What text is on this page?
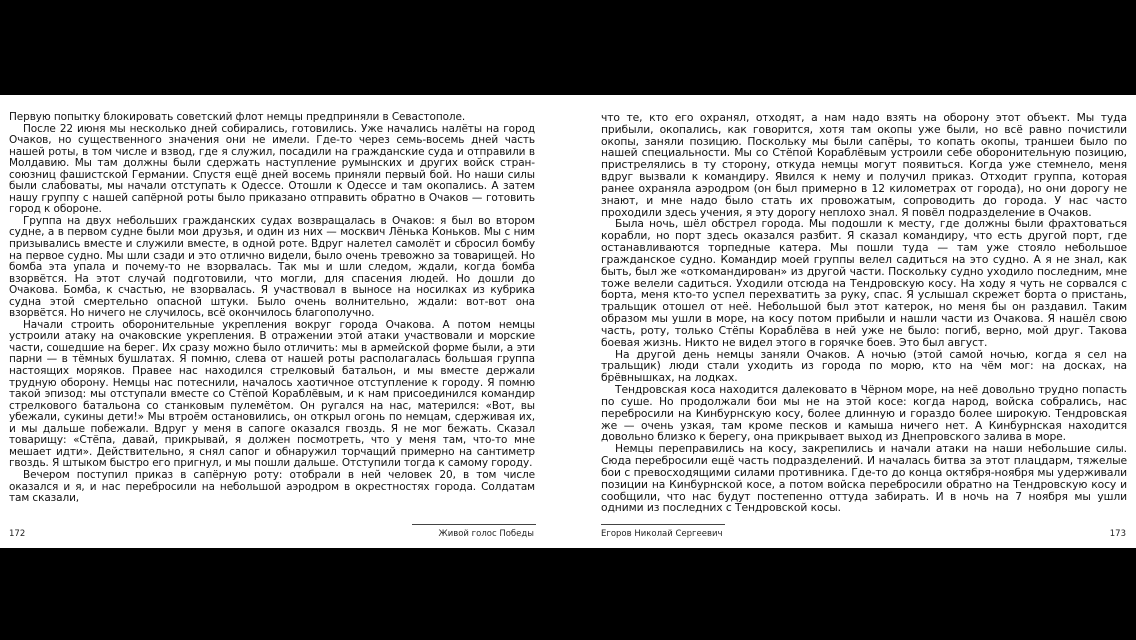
Первую попытку блокировать советский флот немцы предприняли в Севастополе.

После 22 июня мы несколько дней собирались, готовились. Уже начались налёты на город Очаков, но существенного значения они не имели. Где-то через семь-восемь дней часть нашей роты, в том числе и взвод, где я служил, посадили на гражданские суда и отправили в Молдавию. Мы там должны были сдержать наступление румынских и других войск стран-союзниц фашистской Германии. Спустя ещё дней восемь приняли первый бой. Но наши силы были слабоваты, мы начали отступать к Одессе. Отошли к Одессе и там окопались. А затем нашу группу с нашей сапёрной роты было приказано отправить обратно в Очаков — готовить город к обороне.

Группа на двух небольших гражданских судах возвращалась в Очаков: я был во втором судне, а в первом судне были мои друзья, и один из них — москвич Лёнька Коньков. Мы с ним призывались вместе и служили вместе, в одной роте. Вдруг налетел самолёт и сбросил бомбу на первое судно. Мы шли сзади и это отлично видели, было очень тревожно за товарищей. Но бомба эта упала и почему-то не взорвалась. Так мы и шли следом, ждали, когда бомба взорвётся. На этот случай подготовили, что могли, для спасения людей. Но дошли до Очакова. Бомба, к счастью, не взорвалась. Я участвовал в выносе на носилках из кубрика судна этой смертельно опасной штуки. Было очень волнительно, ждали: вот-вот она взорвётся. Но ничего не случилось, всё окончилось благополучно.

Начали строить оборонительные укрепления вокруг города Очакова. А потом немцы устроили атаку на очаковские укрепления. В отражении этой атаки участвовали и морские части, сошедшие на берег. Их сразу можно было отличить: мы в армейской форме были, а эти парни — в тёмных бушлатах. Я помню, слева от нашей роты располагалась большая группа настоящих моряков. Правее нас находился стрелковый батальон, и мы вместе держали трудную оборону. Немцы нас потеснили, началось хаотичное отступление к городу. Я помню такой эпизод: мы отступали вместе со Стёпой Кораблёвым, и к нам присоединился командир стрелкового батальона со станковым пулемётом. Он ругался на нас, матерился: «Вот, вы убежали, сукины дети!» Мы втроём остановились, он открыл огонь по немцам, сдерживая их, и мы дальше побежали. Вдруг у меня в сапоге оказался гвоздь. Я не мог бежать. Сказал товарищу: «Стёпа, давай, прикрывай, я должен посмотреть, что у меня там, что-то мне мешает идти». Действительно, я снял сапог и обнаружил торчащий примерно на сантиметр гвоздь. Я штыком быстро его пригнул, и мы пошли дальше. Отступили тогда к самому городу.

Вечером поступил приказ в сапёрную роту: отобрали в ней человек 20, в том числе оказался и я, и нас перебросили на небольшой аэродром в окрестностях города. Солдатам там сказали,

что те, кто его охранял, отходят, а нам надо взять на оборону этот объект. Мы туда прибыли, окопались, как говорится, хотя там окопы уже были, но всё равно почистили окопы, заняли позицию. Поскольку мы были сапёры, то копать окопы, траншеи было по нашей специальности. Мы со Стёпой Кораблёвым устроили себе оборонительную позицию, пристрелялись в ту сторону, откуда немцы могут появиться. Когда уже стемнело, меня вдруг вызвали к командиру. Явился к нему и получил приказ. Отходит группа, которая ранее охраняла аэродром (он был примерно в 12 километрах от города), но они дорогу не знают, и мне надо было стать их провожатым, сопроводить до города. У нас часто проходили здесь учения, я эту дорогу неплохо знал. Я повёл подразделение в Очаков.

Была ночь, шёл обстрел города. Мы подошли к месту, где должны были фрахтоваться корабли, но порт здесь оказался разбит. Я сказал командиру, что есть другой порт, где останавливаются торпедные катера. Мы пошли туда — там уже стояло небольшое гражданское судно. Командир моей группы велел садиться на это судно. А я не знал, как быть, был же «откомандирован» из другой части. Поскольку судно уходило последним, мне тоже велели садиться. Уходили отсюда на Тендровскую косу. На ходу я чуть не сорвался с борта, меня кто-то успел перехватить за руку, спас. Я услышал скрежет борта о пристань, тральщик отошел от неё. Небольшой был этот катерок, но меня бы он раздавил. Таким образом мы ушли в море, на косу потом прибыли и нашли части из Очакова. Я нашёл свою часть, роту, только Стёпы Кораблёва в ней уже не было: погиб, верно, мой друг. Такова боевая жизнь. Никто не видел этого в горячке боев. Это был август.

На другой день немцы заняли Очаков. А ночью (этой самой ночью, когда я сел на тральщик) люди стали уходить из города по морю, кто на чём мог: на досках, на брёвнышках, на лодках.

Тендровская коса находится далековато в Чёрном море, на неё довольно трудно попасть по суше. Но продолжали бои мы не на этой косе: когда народ, войска собрались, нас переброcили на Кинбурнскую косу, более длинную и гораздо более широкую. Тендровская же — очень узкая, там кроме песков и камыша ничего нет. А Кинбурнская находится довольно близко к берегу, она прикрывает выход из Днепровского залива в море.

Немцы переправились на косу, закрепились и начали атаки на наши небольшие силы. Сюда перебросили ещё часть подразделений. И началась битва за этот плацдарм, тяжелые бои с превосходящими силами противника. Где-то до конца октября-ноября мы удерживали позиции на Кинбурнской косе, а потом войска перебросили обратно на Тендровскую косу и сообщили, что нас будут постепенно оттуда забирать. И в ночь на 7 ноября мы ушли одними из последних с Тендровской косы.

172	Живой голос Победы	Егоров Николай Сергеевич	173
